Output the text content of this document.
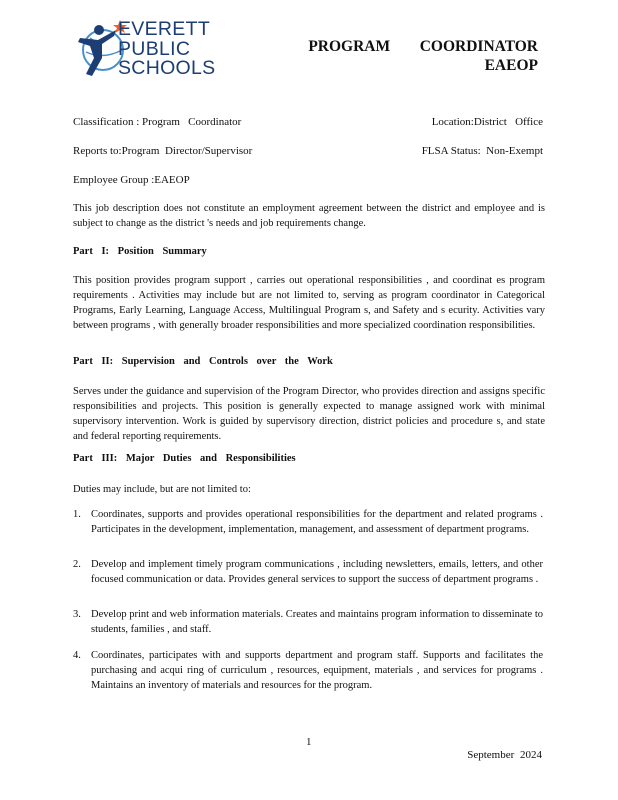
EVERETT
PUBLIC
SCHOOLS
PROGRAM   COORDINATOR
EAEOP
Classification : Program   Coordinator	Location:District   Office
Reports to:Program  Director/Supervisor	FLSA Status:  Non-Exempt
Employee Group :EAEOP
This job description does not constitute an employment agreement between the district and employee and is subject to change as the district 's needs and job requirements change.
Part I: Position Summary
This position provides program support , carries out operational responsibilities , and coordinat es program requirements . Activities may include but are not limited to, serving as program coordinator in Categorical Programs, Early Learning, Language Access, Multilingual Program s, and Safety and s ecurity. Activities vary between programs , with generally broader responsibilities and more specialized coordination responsibilities.
Part II: Supervision and Controls over the Work
Serves under the guidance and supervision of the Program Director, who provides direction and assigns specific responsibilities and projects. This position is generally expected to manage assigned work with minimal supervisory intervention. Work is guided by supervisory direction, district policies and procedure s, and state and federal reporting requirements.
Part III: Major Duties and Responsibilities
Duties may include, but are not limited to:
1. Coordinates, supports and provides operational responsibilities for the department and related programs . Participates in the development, implementation, management, and assessment of department programs.
2. Develop and implement timely program communications , including newsletters, emails, letters, and other focused communication or data. Provides general services to support the success of department programs .
3. Develop print and web information materials. Creates and maintains program information to disseminate to students, families , and staff.
4. Coordinates, participates with and supports department and program staff. Supports and facilitates the purchasing and acqui ring of curriculum , resources, equipment, materials , and services for programs . Maintains an inventory of materials and resources for the program.
1
September 2024
